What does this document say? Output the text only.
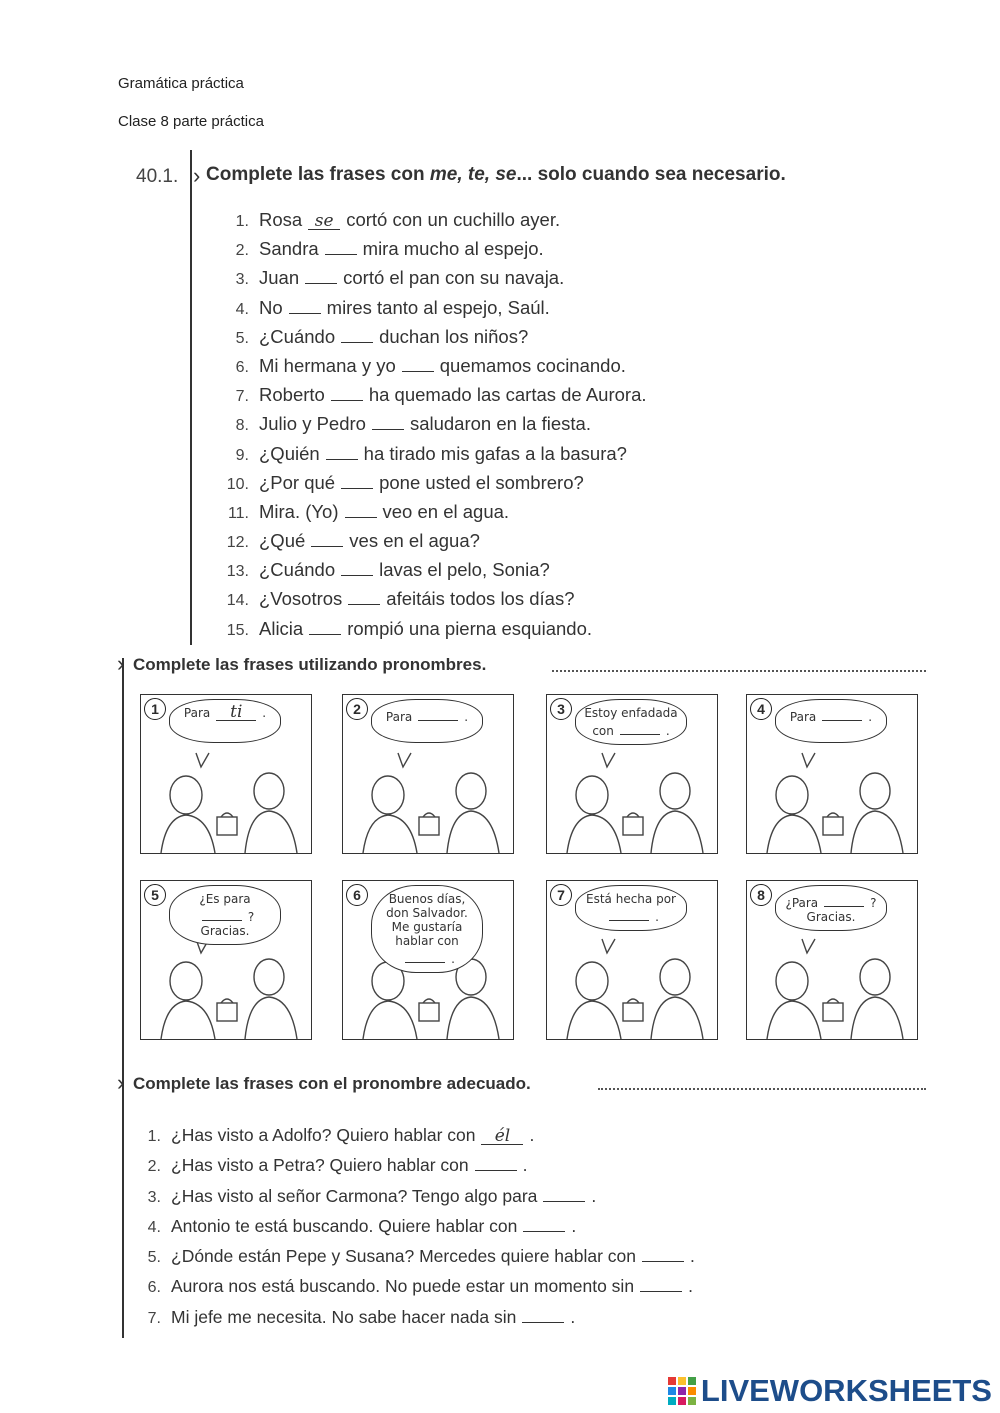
Gramática práctica
Clase 8 parte práctica
40.1. › Complete las frases con me, te, se... solo cuando sea necesario.
1. Rosa se cortó con un cuchillo ayer.
2. Sandra mira mucho al espejo.
3. Juan cortó el pan con su navaja.
4. No mires tanto al espejo, Saúl.
5. ¿Cuándo duchan los niños?
6. Mi hermana y yo quemamos cocinando.
7. Roberto ha quemado las cartas de Aurora.
8. Julio y Pedro saludaron en la fiesta.
9. ¿Quién ha tirado mis gafas a la basura?
10. ¿Por qué pone usted el sombrero?
11. Mira. (Yo) veo en el agua.
12. ¿Qué ves en el agua?
13. ¿Cuándo lavas el pelo, Sonia?
14. ¿Vosotros afeitáis todos los días?
15. Alicia rompió una pierna esquiando.
› Complete las frases utilizando pronombres.
1	Para ti .	2	Para	.	3	Estoy enfadada con	.
4	Para	.
5	¿Es para? Gracias.
6	Buenos días, don Salvador. Me gustaría hablar con.
7	Está hecha por.
8	¿Para	? Gracias.
› Complete las frases con el pronombre adecuado.
1. ¿Has visto a Adolfo? Quiero hablar con él .
2. ¿Has visto a Petra? Quiero hablar con	.
3. ¿Has visto al señor Carmona? Tengo algo para	.
4. Antonio te está buscando. Quiere hablar con	.
5. ¿Dónde están Pepe y Susana? Mercedes quiere hablar con	.
6. Aurora nos está buscando. No puede estar un momento sin	.
7. Mi jefe me necesita. No sabe hacer nada sin	.
LIVEWORKSHEETS
